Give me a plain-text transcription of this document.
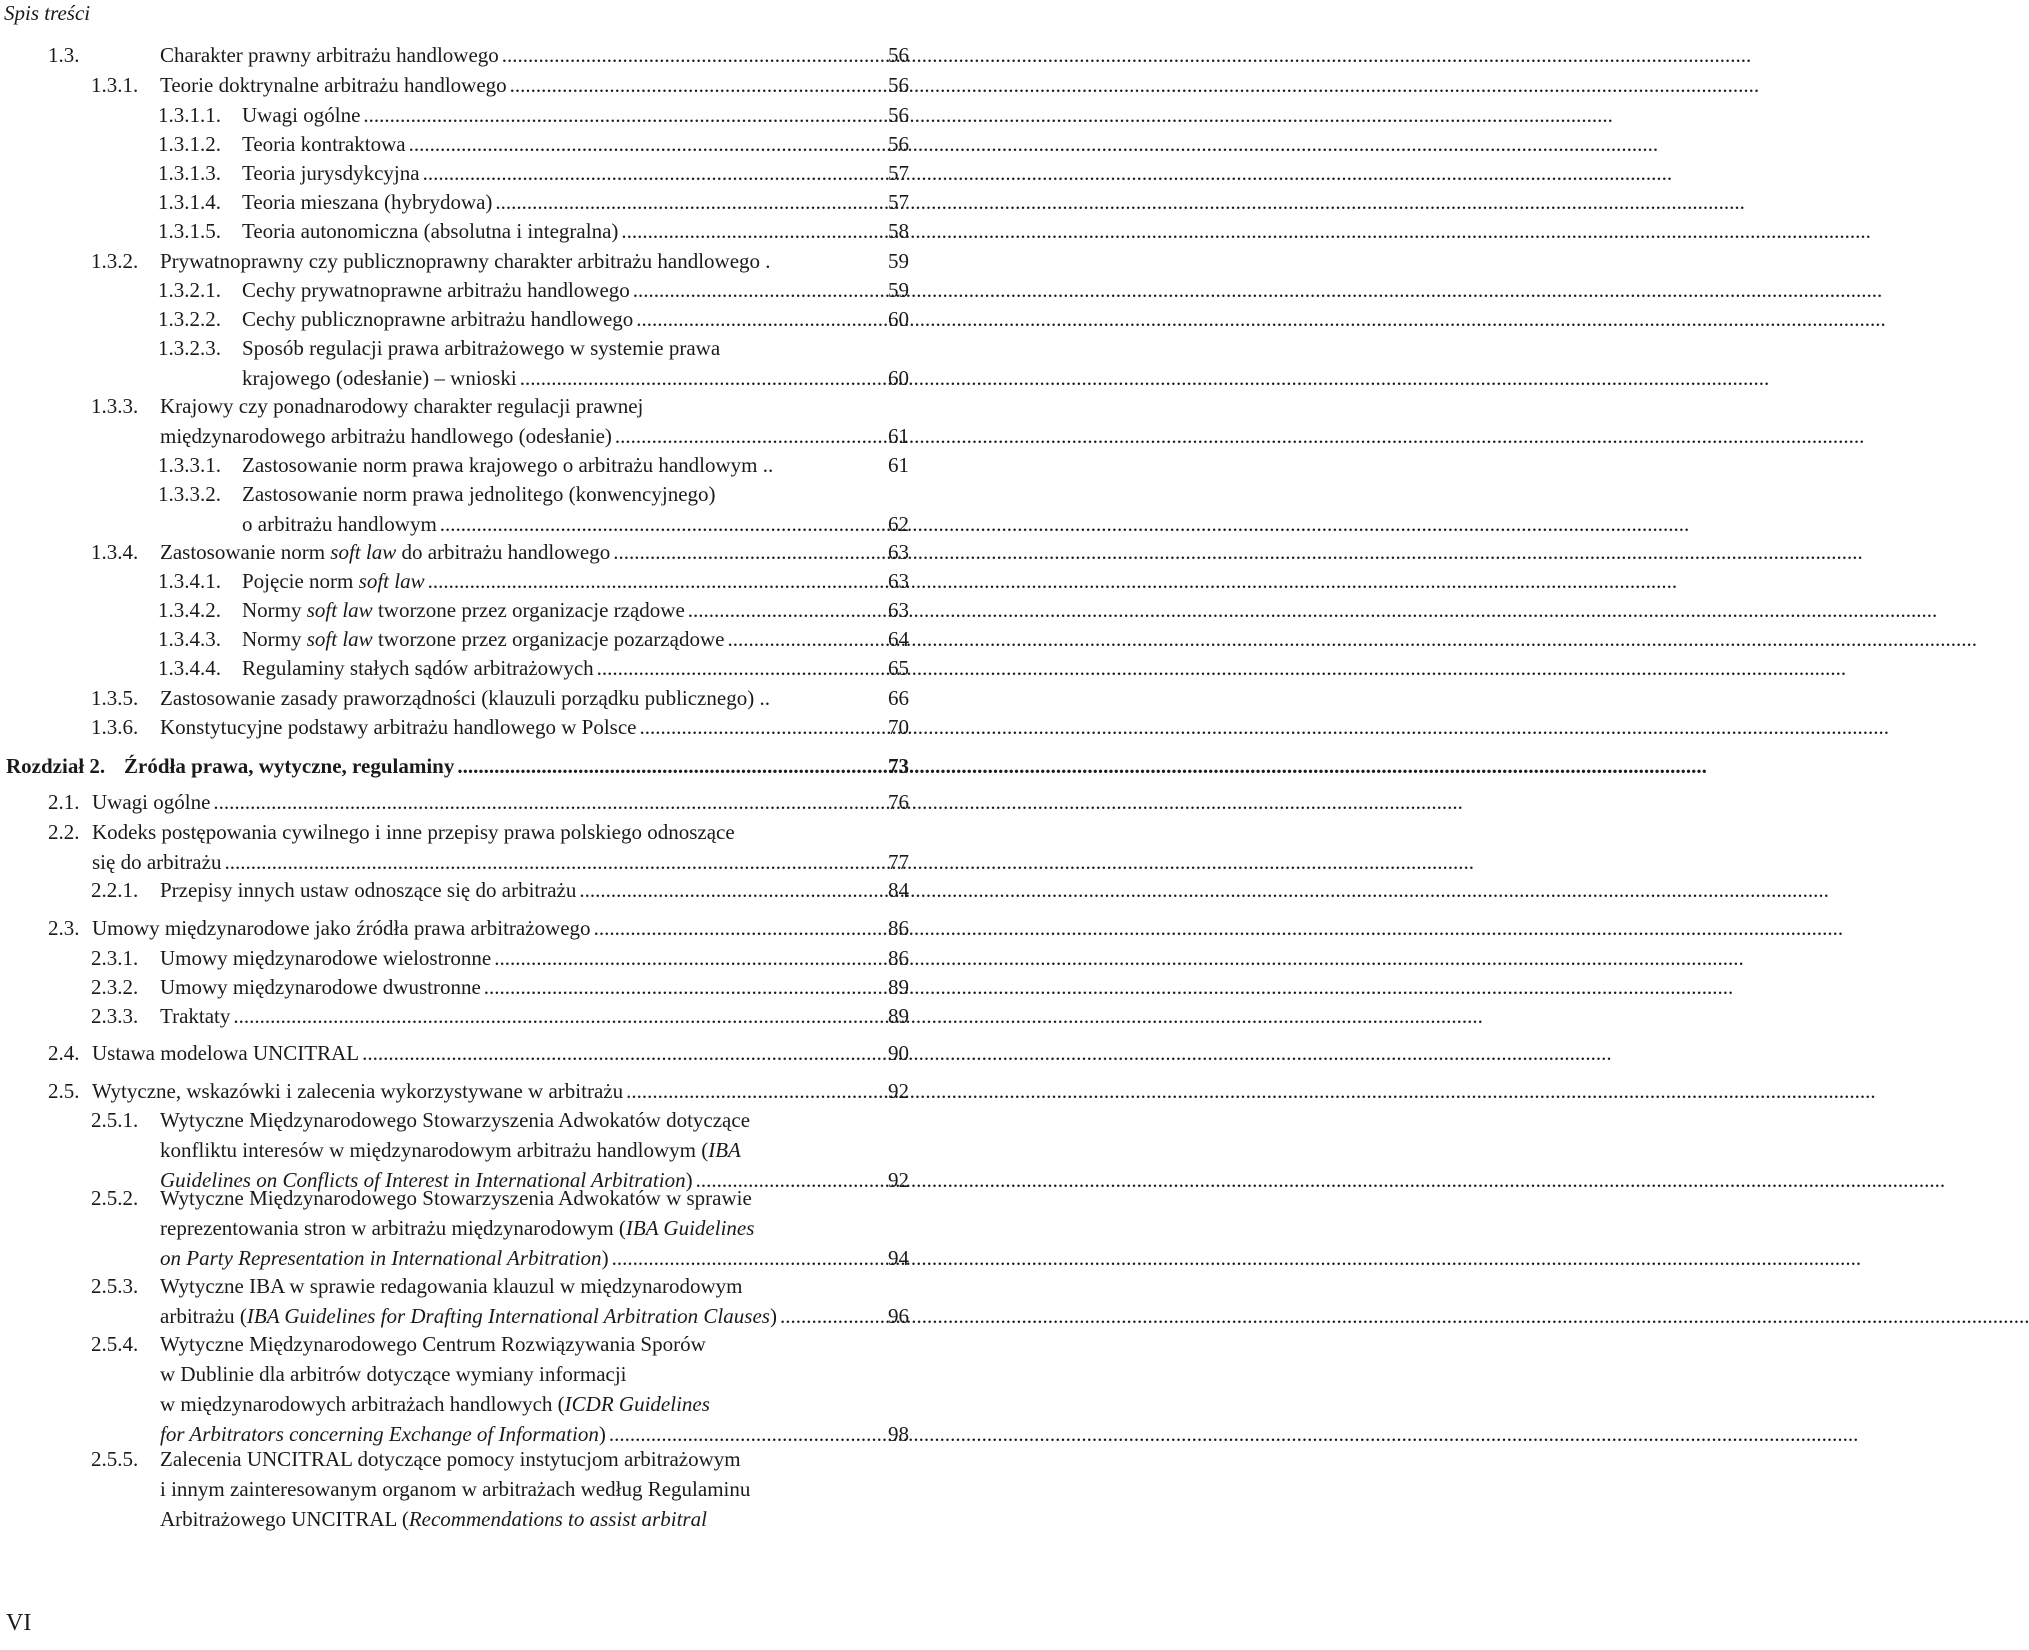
Spis treści
1.3.	Charakter prawny arbitrażu handlowego .....	56
1.3.1.	Teorie doktrynalne arbitrażu handlowego .....	56
1.3.1.1.	Uwagi ogólne .....	56
1.3.1.2.	Teoria kontraktowa .....	56
1.3.1.3.	Teoria jurysdykcyjna .....	57
1.3.1.4.	Teoria mieszana (hybrydowa) .....	57
1.3.1.5.	Teoria autonomiczna (absolutna i integralna) .....	58
1.3.2.	Prywatnoprawny czy publicznoprawny charakter arbitrażu handlowego .	59
1.3.2.1.	Cechy prywatnoprawne arbitrażu handlowego .....	59
1.3.2.2.	Cechy publicznoprawne arbitrażu handlowego .....	60
1.3.2.3.	Sposób regulacji prawa arbitrażowego w systemie prawa
krajowego (odesłanie) – wnioski .....	60
1.3.3.	Krajowy czy ponadnarodowy charakter regulacji prawnej
międzynarodowego arbitrażu handlowego (odesłanie) .....	61
1.3.3.1.	Zastosowanie norm prawa krajowego o arbitrażu handlowym ..	61
1.3.3.2.	Zastosowanie norm prawa jednolitego (konwencyjnego)
o arbitrażu handlowym .....	62
1.3.4.	Zastosowanie norm soft law do arbitrażu handlowego .....	63
1.3.4.1.	Pojęcie norm soft law .....	63
1.3.4.2.	Normy soft law tworzone przez organizacje rządowe .....	63
1.3.4.3.	Normy soft law tworzone przez organizacje pozarządowe .....	64
1.3.4.4.	Regulaminy stałych sądów arbitrażowych .....	65
1.3.5.	Zastosowanie zasady praworządności (klauzuli porządku publicznego) ..	66
1.3.6.	Konstytucyjne podstawy arbitrażu handlowego w Polsce .....	70
Rozdział 2. Źródła prawa, wytyczne, regulaminy .....	73
2.1. Uwagi ogólne .....	76
2.2. Kodeks postępowania cywilnego i inne przepisy prawa polskiego odnoszące
się do arbitrażu .....	77
2.2.1.	Przepisy innych ustaw odnoszące się do arbitrażu .....	84
2.3. Umowy międzynarodowe jako źródła prawa arbitrażowego .....	86
2.3.1.	Umowy międzynarodowe wielostronne .....	86
2.3.2.	Umowy międzynarodowe dwustronne .....	89
2.3.3.	Traktaty .....	89
2.4. Ustawa modelowa UNCITRAL .....	90
2.5. Wytyczne, wskazówki i zalecenia wykorzystywane w arbitrażu .....	92
2.5.1.	Wytyczne Międzynarodowego Stowarzyszenia Adwokatów dotyczące
konfliktu interesów w międzynarodowym arbitrażu handlowym (IBA
Guidelines on Conflicts of Interest in International Arbitration) .....	92
2.5.2.	Wytyczne Międzynarodowego Stowarzyszenia Adwokatów w sprawie
reprezentowania stron w arbitrażu międzynarodowym (IBA Guidelines
on Party Representation in International Arbitration) .....	94
2.5.3.	Wytyczne IBA w sprawie redagowania klauzul w międzynarodowym
arbitrażu (IBA Guidelines for Drafting International Arbitration Clauses) .....	96
2.5.4.	Wytyczne Międzynarodowego Centrum Rozwiązywania Sporów
w Dublinie dla arbitrów dotyczące wymiany informacji
w międzynarodowych arbitrażach handlowych (ICDR Guidelines
for Arbitrators concerning Exchange of Information) .....	98
2.5.5.	Zalecenia UNCITRAL dotyczące pomocy instytucjom arbitrażowym
i innym zainteresowanym organom w arbitrażach według Regulaminu
Arbitrażowego UNCITRAL (Recommendations to assist arbitral
VI
